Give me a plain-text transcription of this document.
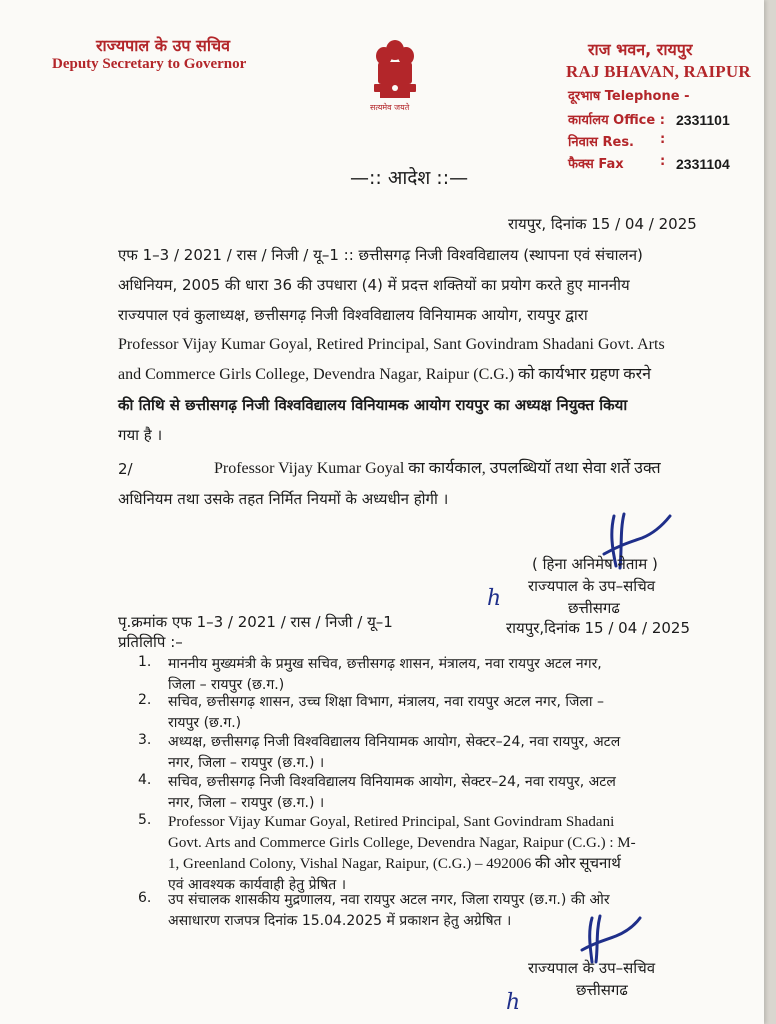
राज्यपाल के उप सचिव
Deputy Secretary to Governor
सत्यमेव जयते
राज भवन, रायपुर
RAJ BHAVAN, RAIPUR
दूरभाष Telephone -
कार्यालय Office : 2331101
निवास Res. :
फैक्स Fax	: 2331104
—:: आदेश ::—
रायपुर, दिनांक 15 / 04 / 2025
एफ 1–3 / 2021 / रास / निजी / यू–1 :: छत्तीसगढ़ निजी विश्वविद्यालय (स्थापना एवं संचालन)
अधिनियम, 2005 की धारा 36 की उपधारा (4) में प्रदत्त शक्तियों का प्रयोग करते हुए माननीय
राज्यपाल एवं कुलाध्यक्ष, छत्तीसगढ़ निजी विश्वविद्यालय विनियामक आयोग, रायपुर द्वारा
Professor Vijay Kumar Goyal, Retired Principal, Sant Govindram Shadani Govt. Arts
and Commerce Girls College, Devendra Nagar, Raipur (C.G.) को कार्यभार ग्रहण करने
की तिथि से छत्तीसगढ़ निजी विश्वविद्यालय विनियामक आयोग रायपुर का अध्यक्ष नियुक्त किया
गया है ।
2/	Professor Vijay Kumar Goyal का कार्यकाल, उपलब्धियॉ तथा सेवा शर्ते उक्त
अधिनियम तथा उसके तहत निर्मित नियमों के अध्यधीन होगी ।
( हिना अनिमेष नेताम )
राज्यपाल के उप–सचिव
छत्तीसगढ
h
पृ.क्रमांक एफ 1–3 / 2021 / रास / निजी / यू–1	रायपुर,दिनांक 15 / 04 / 2025
प्रतिलिपि :–
1. माननीय मुख्यमंत्री के प्रमुख सचिव, छत्तीसगढ़ शासन, मंत्रालय, नवा रायपुर अटल नगर,
जिला – रायपुर (छ.ग.)
2. सचिव, छत्तीसगढ़ शासन, उच्च शिक्षा विभाग, मंत्रालय, नवा रायपुर अटल नगर, जिला –
रायपुर (छ.ग.)
3. अध्यक्ष, छत्तीसगढ़ निजी विश्वविद्यालय विनियामक आयोग, सेक्टर–24, नवा रायपुर, अटल
नगर, जिला – रायपुर (छ.ग.) ।
4. सचिव, छत्तीसगढ़ निजी विश्वविद्यालय विनियामक आयोग, सेक्टर–24, नवा रायपुर, अटल
नगर, जिला – रायपुर (छ.ग.) ।
5. Professor Vijay Kumar Goyal, Retired Principal, Sant Govindram Shadani
Govt. Arts and Commerce Girls College, Devendra Nagar, Raipur (C.G.) : M-
1, Greenland Colony, Vishal Nagar, Raipur, (C.G.) – 492006 की ओर सूचनार्थ
एवं आवश्यक कार्यवाही हेतु प्रेषित ।
6. उप संचालक शासकीय मुद्रणालय, नवा रायपुर अटल नगर, जिला रायपुर (छ.ग.) की ओर
असाधारण राजपत्र दिनांक 15.04.2025 में प्रकाशन हेतु अग्रेषित ।
राज्यपाल के उप–सचिव
छत्तीसगढ
h
